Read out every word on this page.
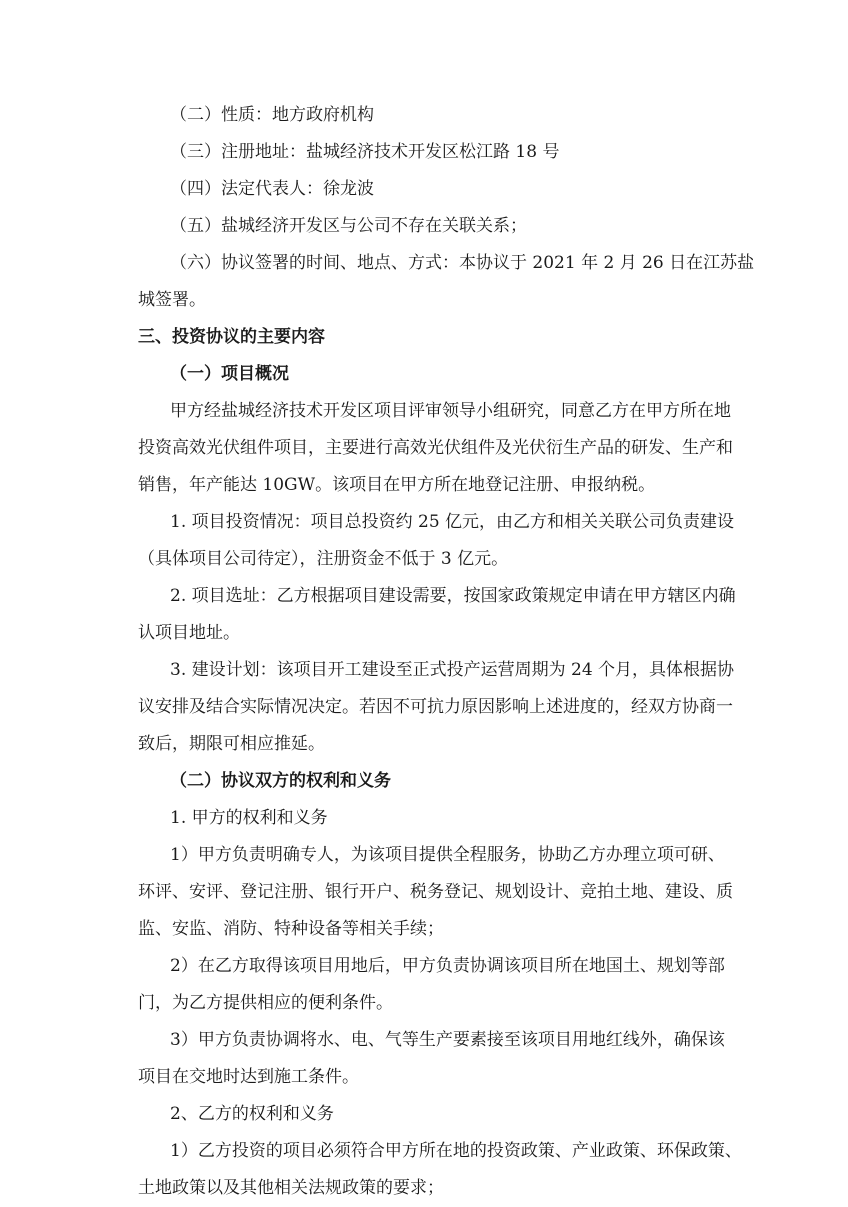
（二）性质：地方政府机构
（三）注册地址：盐城经济技术开发区松江路 18 号
（四）法定代表人：徐龙波
（五）盐城经济开发区与公司不存在关联关系；
（六）协议签署的时间、地点、方式：本协议于 2021 年 2 月 26 日在江苏盐
城签署。
三、投资协议的主要内容
（一）项目概况
甲方经盐城经济技术开发区项目评审领导小组研究，同意乙方在甲方所在地
投资高效光伏组件项目，主要进行高效光伏组件及光伏衍生产品的研发、生产和
销售，年产能达 10GW。该项目在甲方所在地登记注册、申报纳税。
1. 项目投资情况：项目总投资约 25 亿元，由乙方和相关关联公司负责建设
（具体项目公司待定），注册资金不低于 3 亿元。
2. 项目选址：乙方根据项目建设需要，按国家政策规定申请在甲方辖区内确
认项目地址。
3. 建设计划：该项目开工建设至正式投产运营周期为 24 个月，具体根据协
议安排及结合实际情况决定。若因不可抗力原因影响上述进度的，经双方协商一
致后，期限可相应推延。
（二）协议双方的权利和义务
1. 甲方的权利和义务
1）甲方负责明确专人，为该项目提供全程服务，协助乙方办理立项可研、
环评、安评、登记注册、银行开户、税务登记、规划设计、竞拍土地、建设、质
监、安监、消防、特种设备等相关手续；
2）在乙方取得该项目用地后，甲方负责协调该项目所在地国土、规划等部
门，为乙方提供相应的便利条件。
3）甲方负责协调将水、电、气等生产要素接至该项目用地红线外，确保该
项目在交地时达到施工条件。
2、乙方的权利和义务
1）乙方投资的项目必须符合甲方所在地的投资政策、产业政策、环保政策、
土地政策以及其他相关法规政策的要求；
